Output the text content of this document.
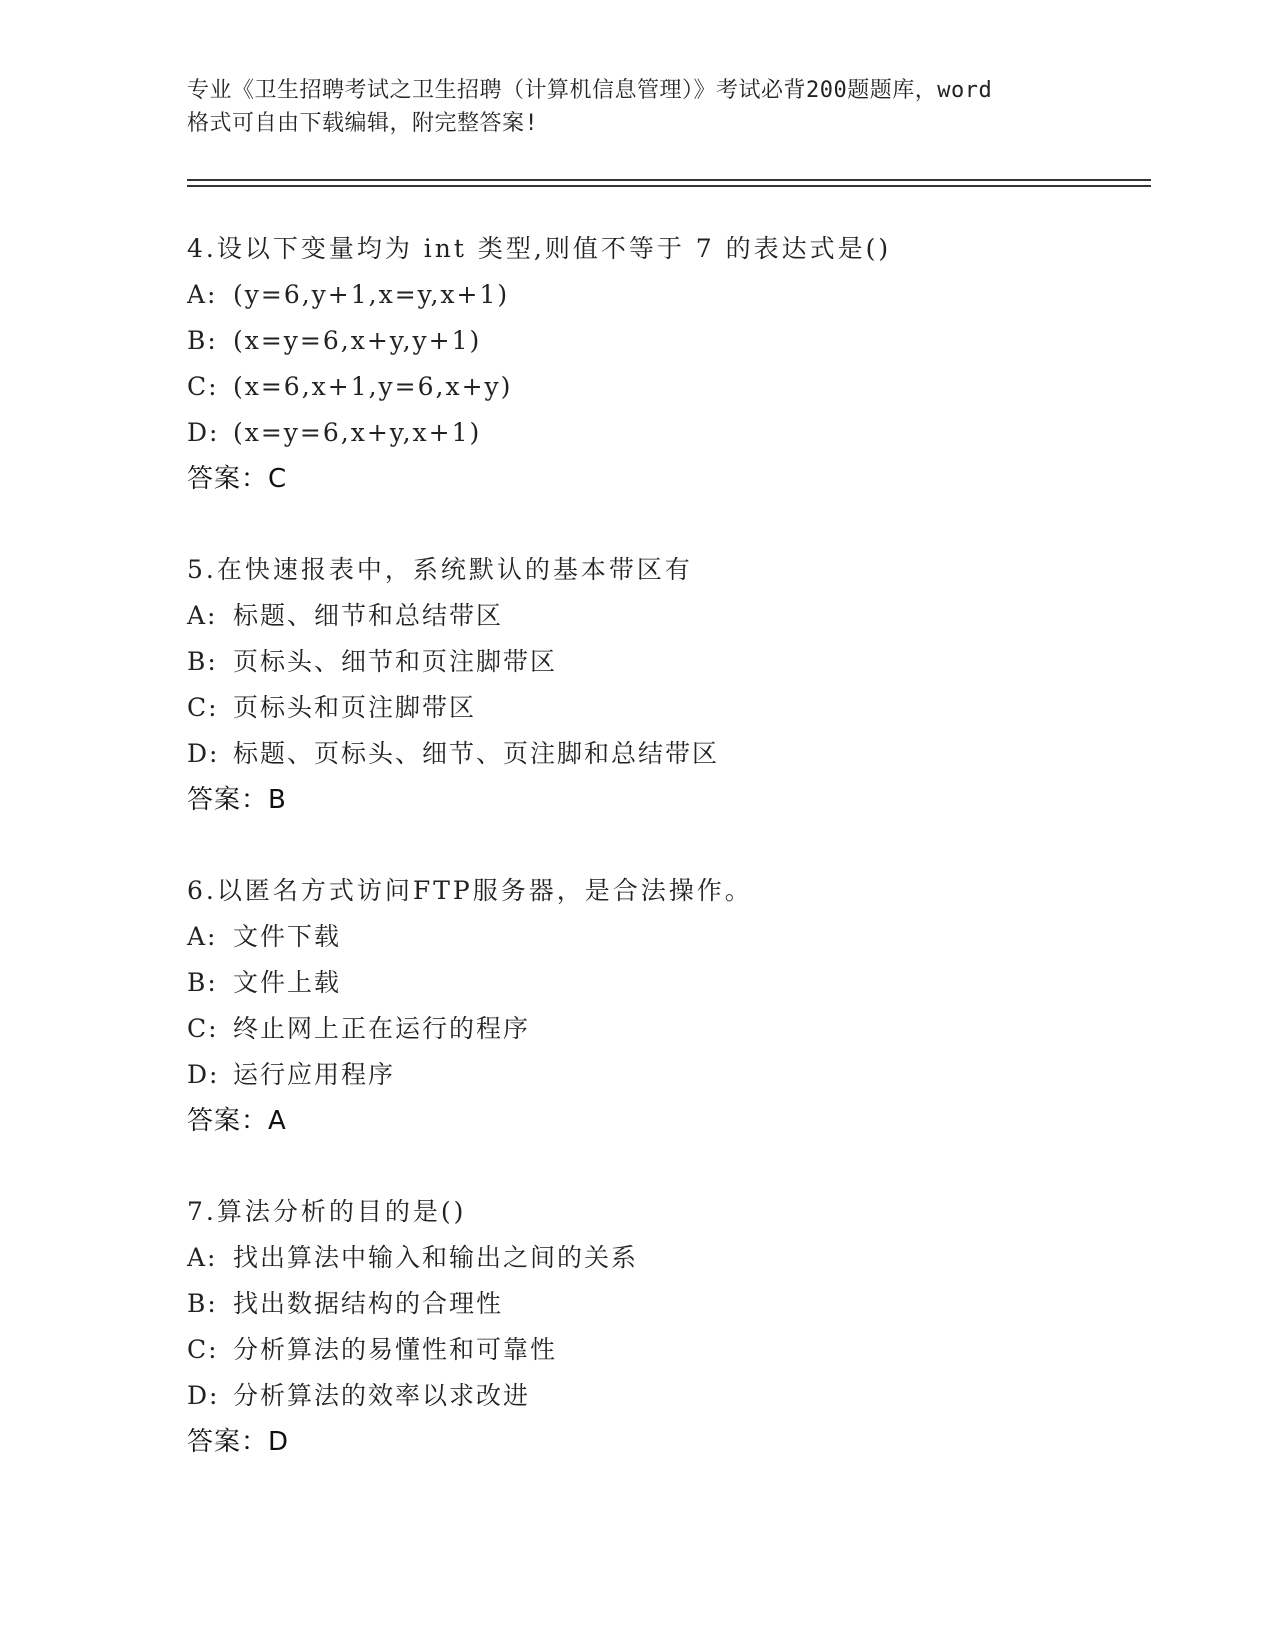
专业《卫生招聘考试之卫生招聘（计算机信息管理）》考试必背200题题库，word
格式可自由下载编辑，附完整答案!
4.设以下变量均为 int 类型,则值不等于 7 的表达式是()
A: (y=6,y+1,x=y,x+1)
B: (x=y=6,x+y,y+1)
C: (x=6,x+1,y=6,x+y)
D: (x=y=6,x+y,x+1)
答案：C
5.在快速报表中，系统默认的基本带区有
A: 标题、细节和总结带区
B: 页标头、细节和页注脚带区
C: 页标头和页注脚带区
D: 标题、页标头、细节、页注脚和总结带区
答案：B
6.以匿名方式访问FTP服务器，是合法操作。
A: 文件下载
B: 文件上载
C: 终止网上正在运行的程序
D: 运行应用程序
答案：A
7.算法分析的目的是()
A: 找出算法中输入和输出之间的关系
B: 找出数据结构的合理性
C: 分析算法的易懂性和可靠性
D: 分析算法的效率以求改进
答案：D
